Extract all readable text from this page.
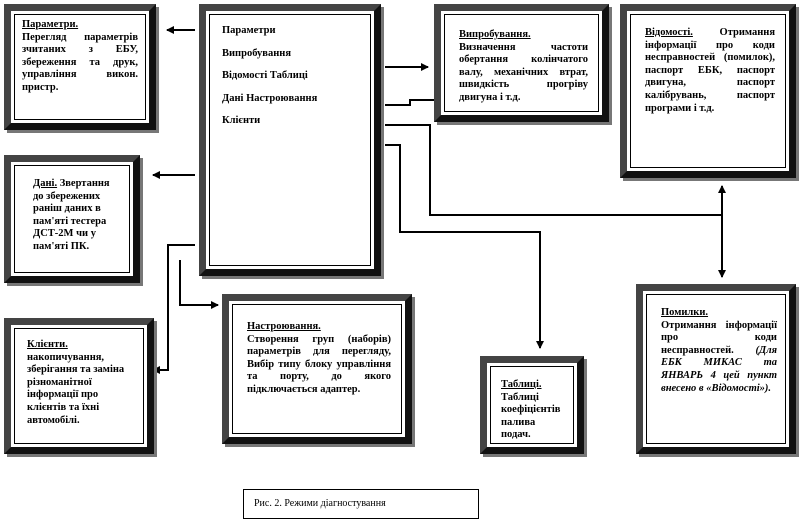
Параметри
Випробування
Відомості Таблиці
Дані Настроювання
Клієнти
Параметри.
Перегляд параметрів зчитаних з ЕБУ, збереження та друк, управління викон. пристр.
Дані. Звертання до збережених раніш даних в пам'яті тестера ДСТ-2М чи у пам'яті ПК.
Клієнти.
накопичування, зберігання та заміна різноманітної інформації про клієнтів та їхні автомобілі.
Настроювання.
Створення груп (наборів) параметрів для перегляду, Вибір типу блоку управління та порту, до якого підключається адаптер.
Випробування.
Визначення частоти обертання колінчатого валу, механічних втрат, швидкість прогріву двигуна і т.д.
Відомості.	Отримання інформації про коди несправностей (помилок), паспорт ЕБК, паспорт двигуна, паспорт калібрувань, паспорт програми і т.д.
Таблиці.
Таблиці коефіцієнтів палива подач.
Помилки.
Отримання інформації про коди несправностей. (Для ЕБК МИКАС та ЯНВАРЬ 4 цей пункт внесено в «Відомості»).
Рис. 2. Режими діагностування
